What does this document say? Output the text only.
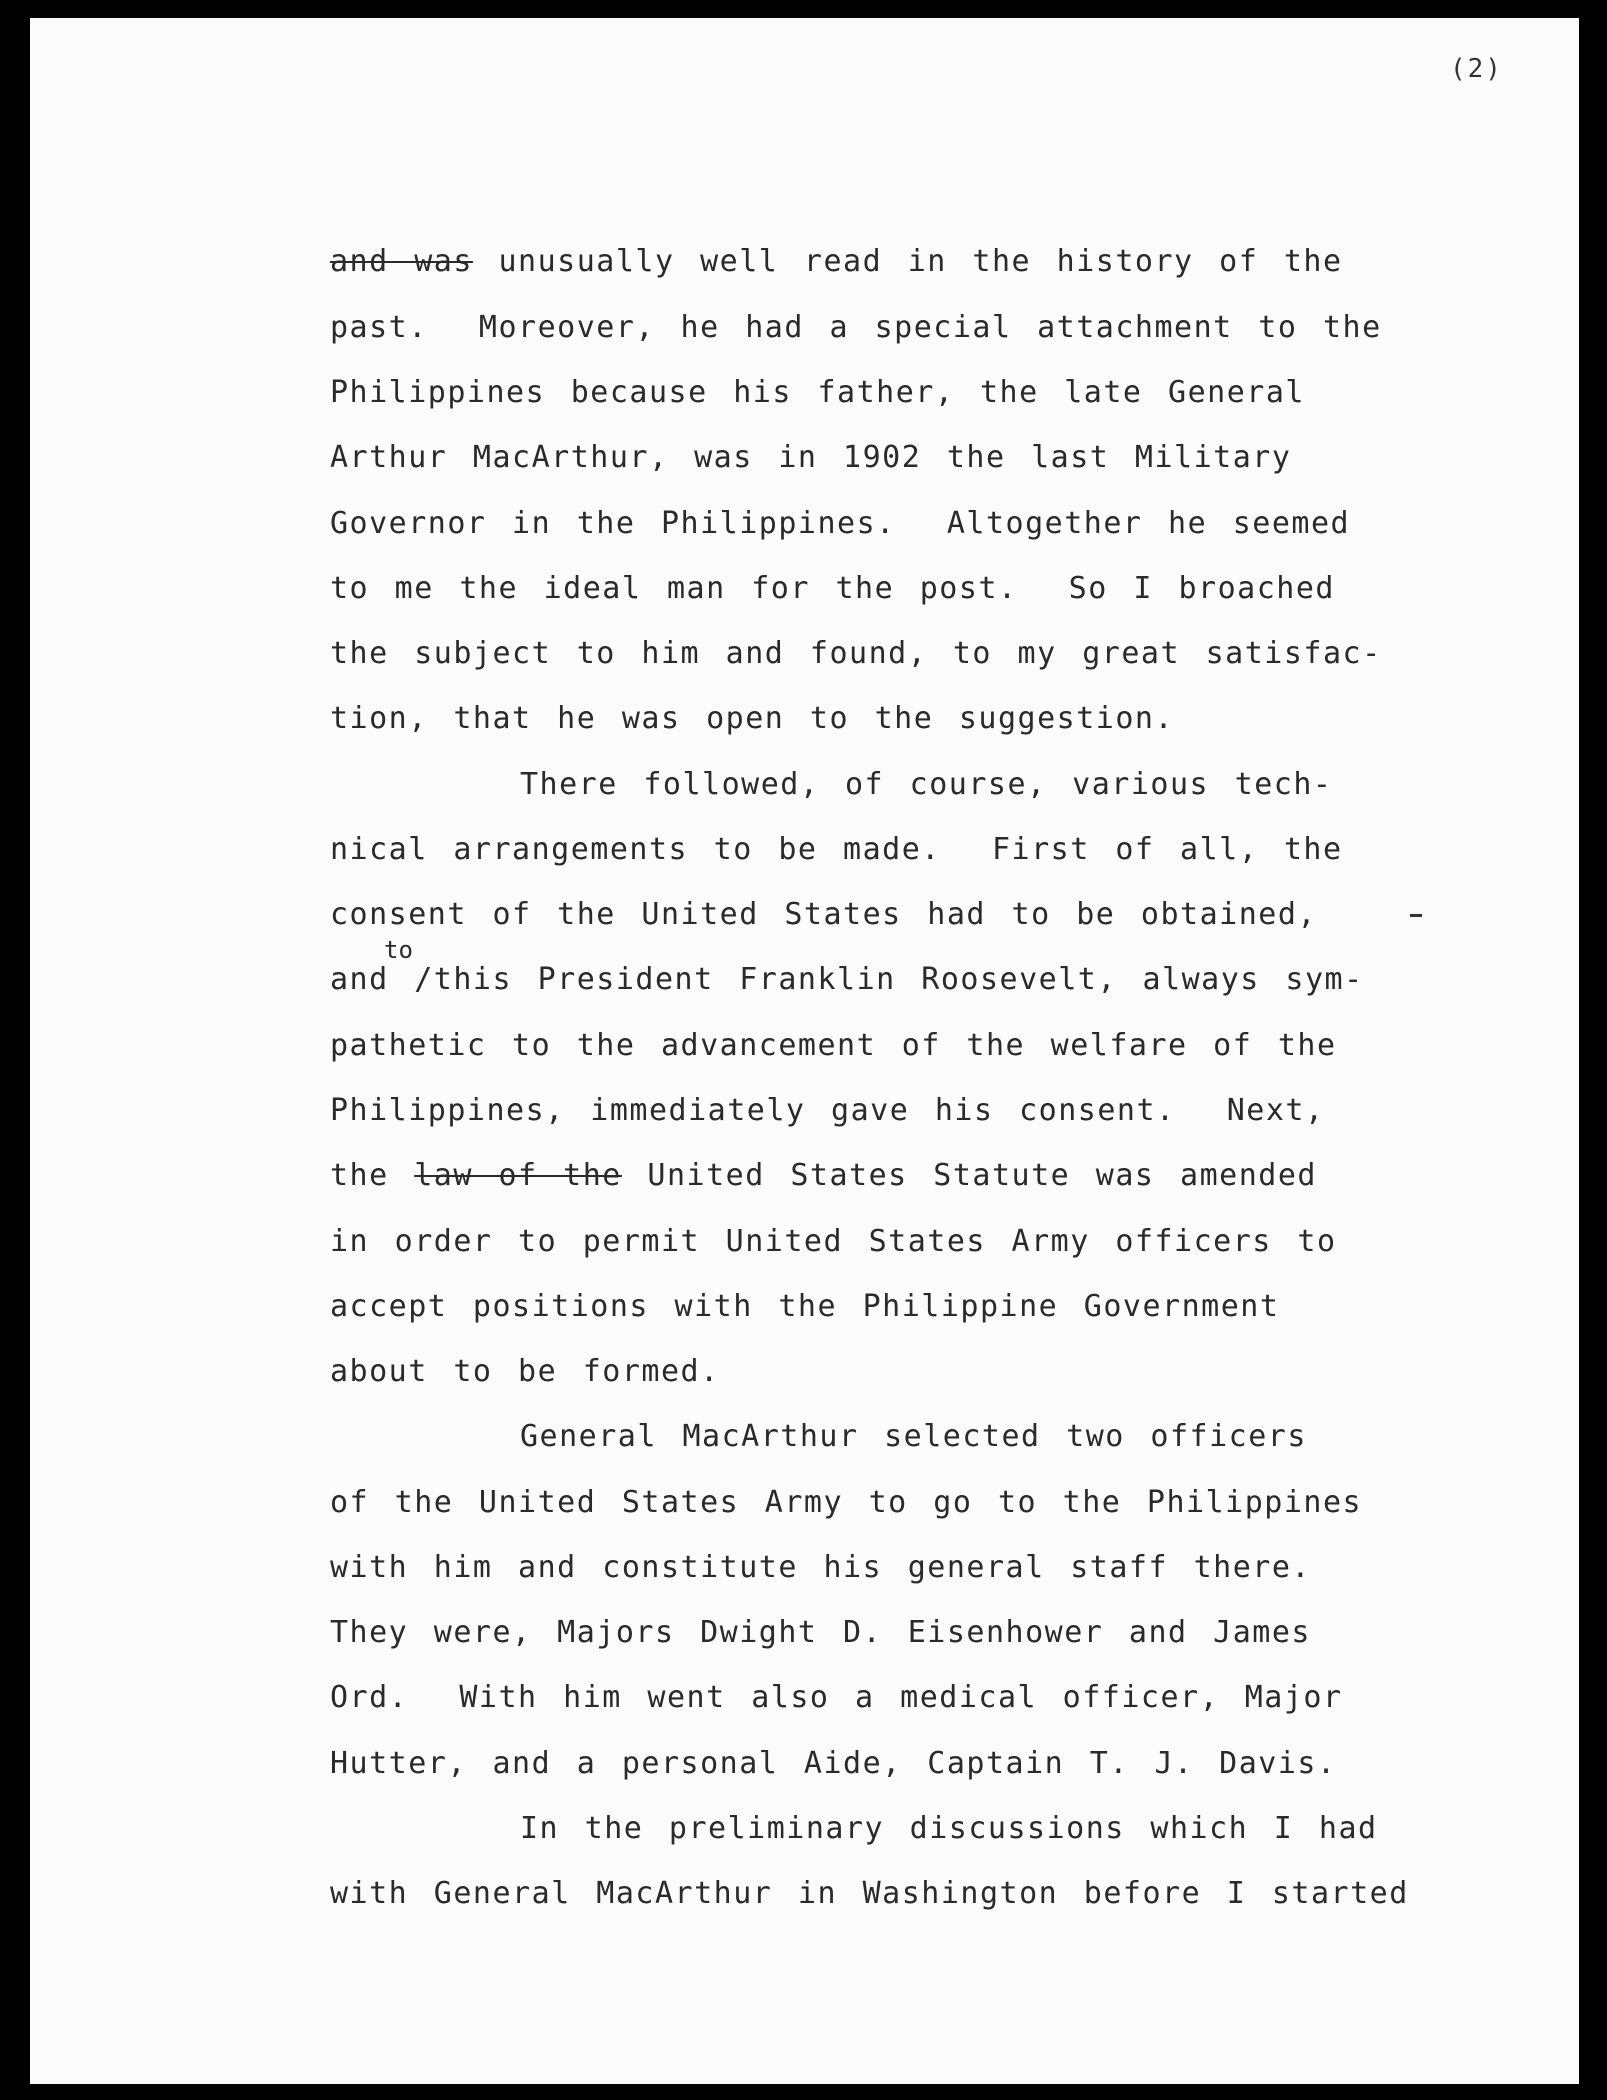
(2)
and was unusually well read in the history of the
past.  Moreover, he had a special attachment to the
Philippines because his father, the late General
Arthur MacArthur, was in 1902 the last Military
Governor in the Philippines.  Altogether he seemed
to me the ideal man for the post.  So I broached
the subject to him and found, to my great satisfac-
tion, that he was open to the suggestion.
There followed, of course, various tech-
nical arrangements to be made.  First of all, the
consent of the United States had to be obtained,
to
and /this President Franklin Roosevelt, always sym-
pathetic to the advancement of the welfare of the
Philippines, immediately gave his consent.  Next,
the law of the United States Statute was amended
in order to permit United States Army officers to
accept positions with the Philippine Government
about to be formed.
General MacArthur selected two officers
of the United States Army to go to the Philippines
with him and constitute his general staff there.
They were, Majors Dwight D. Eisenhower and James
Ord.  With him went also a medical officer, Major
Hutter, and a personal Aide, Captain T. J. Davis.
In the preliminary discussions which I had
with General MacArthur in Washington before I started
